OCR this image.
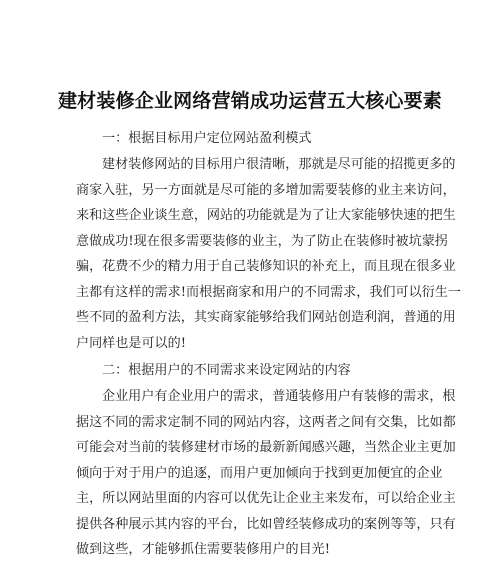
建材装修企业网络营销成功运营五大核心要素
一：根据目标用户定位网站盈利模式
建材装修网站的目标用户很清晰，那就是尽可能的招揽更多的
商家入驻，另一方面就是尽可能的多增加需要装修的业主来访问，
来和这些企业谈生意，网站的功能就是为了让大家能够快速的把生
意做成功!现在很多需要装修的业主，为了防止在装修时被坑蒙拐
骗，花费不少的精力用于自己装修知识的补充上，而且现在很多业
主都有这样的需求!而根据商家和用户的不同需求，我们可以衍生一
些不同的盈利方法，其实商家能够给我们网站创造利润，普通的用
户同样也是可以的!
二：根据用户的不同需求来设定网站的内容
企业用户有企业用户的需求，普通装修用户有装修的需求，根
据这不同的需求定制不同的网站内容，这两者之间有交集，比如都
可能会对当前的装修建材市场的最新新闻感兴趣，当然企业主更加
倾向于对于用户的追逐，而用户更加倾向于找到更加便宜的企业
主，所以网站里面的内容可以优先让企业主来发布，可以给企业主
提供各种展示其内容的平台，比如曾经装修成功的案例等等，只有
做到这些，才能够抓住需要装修用户的目光!
